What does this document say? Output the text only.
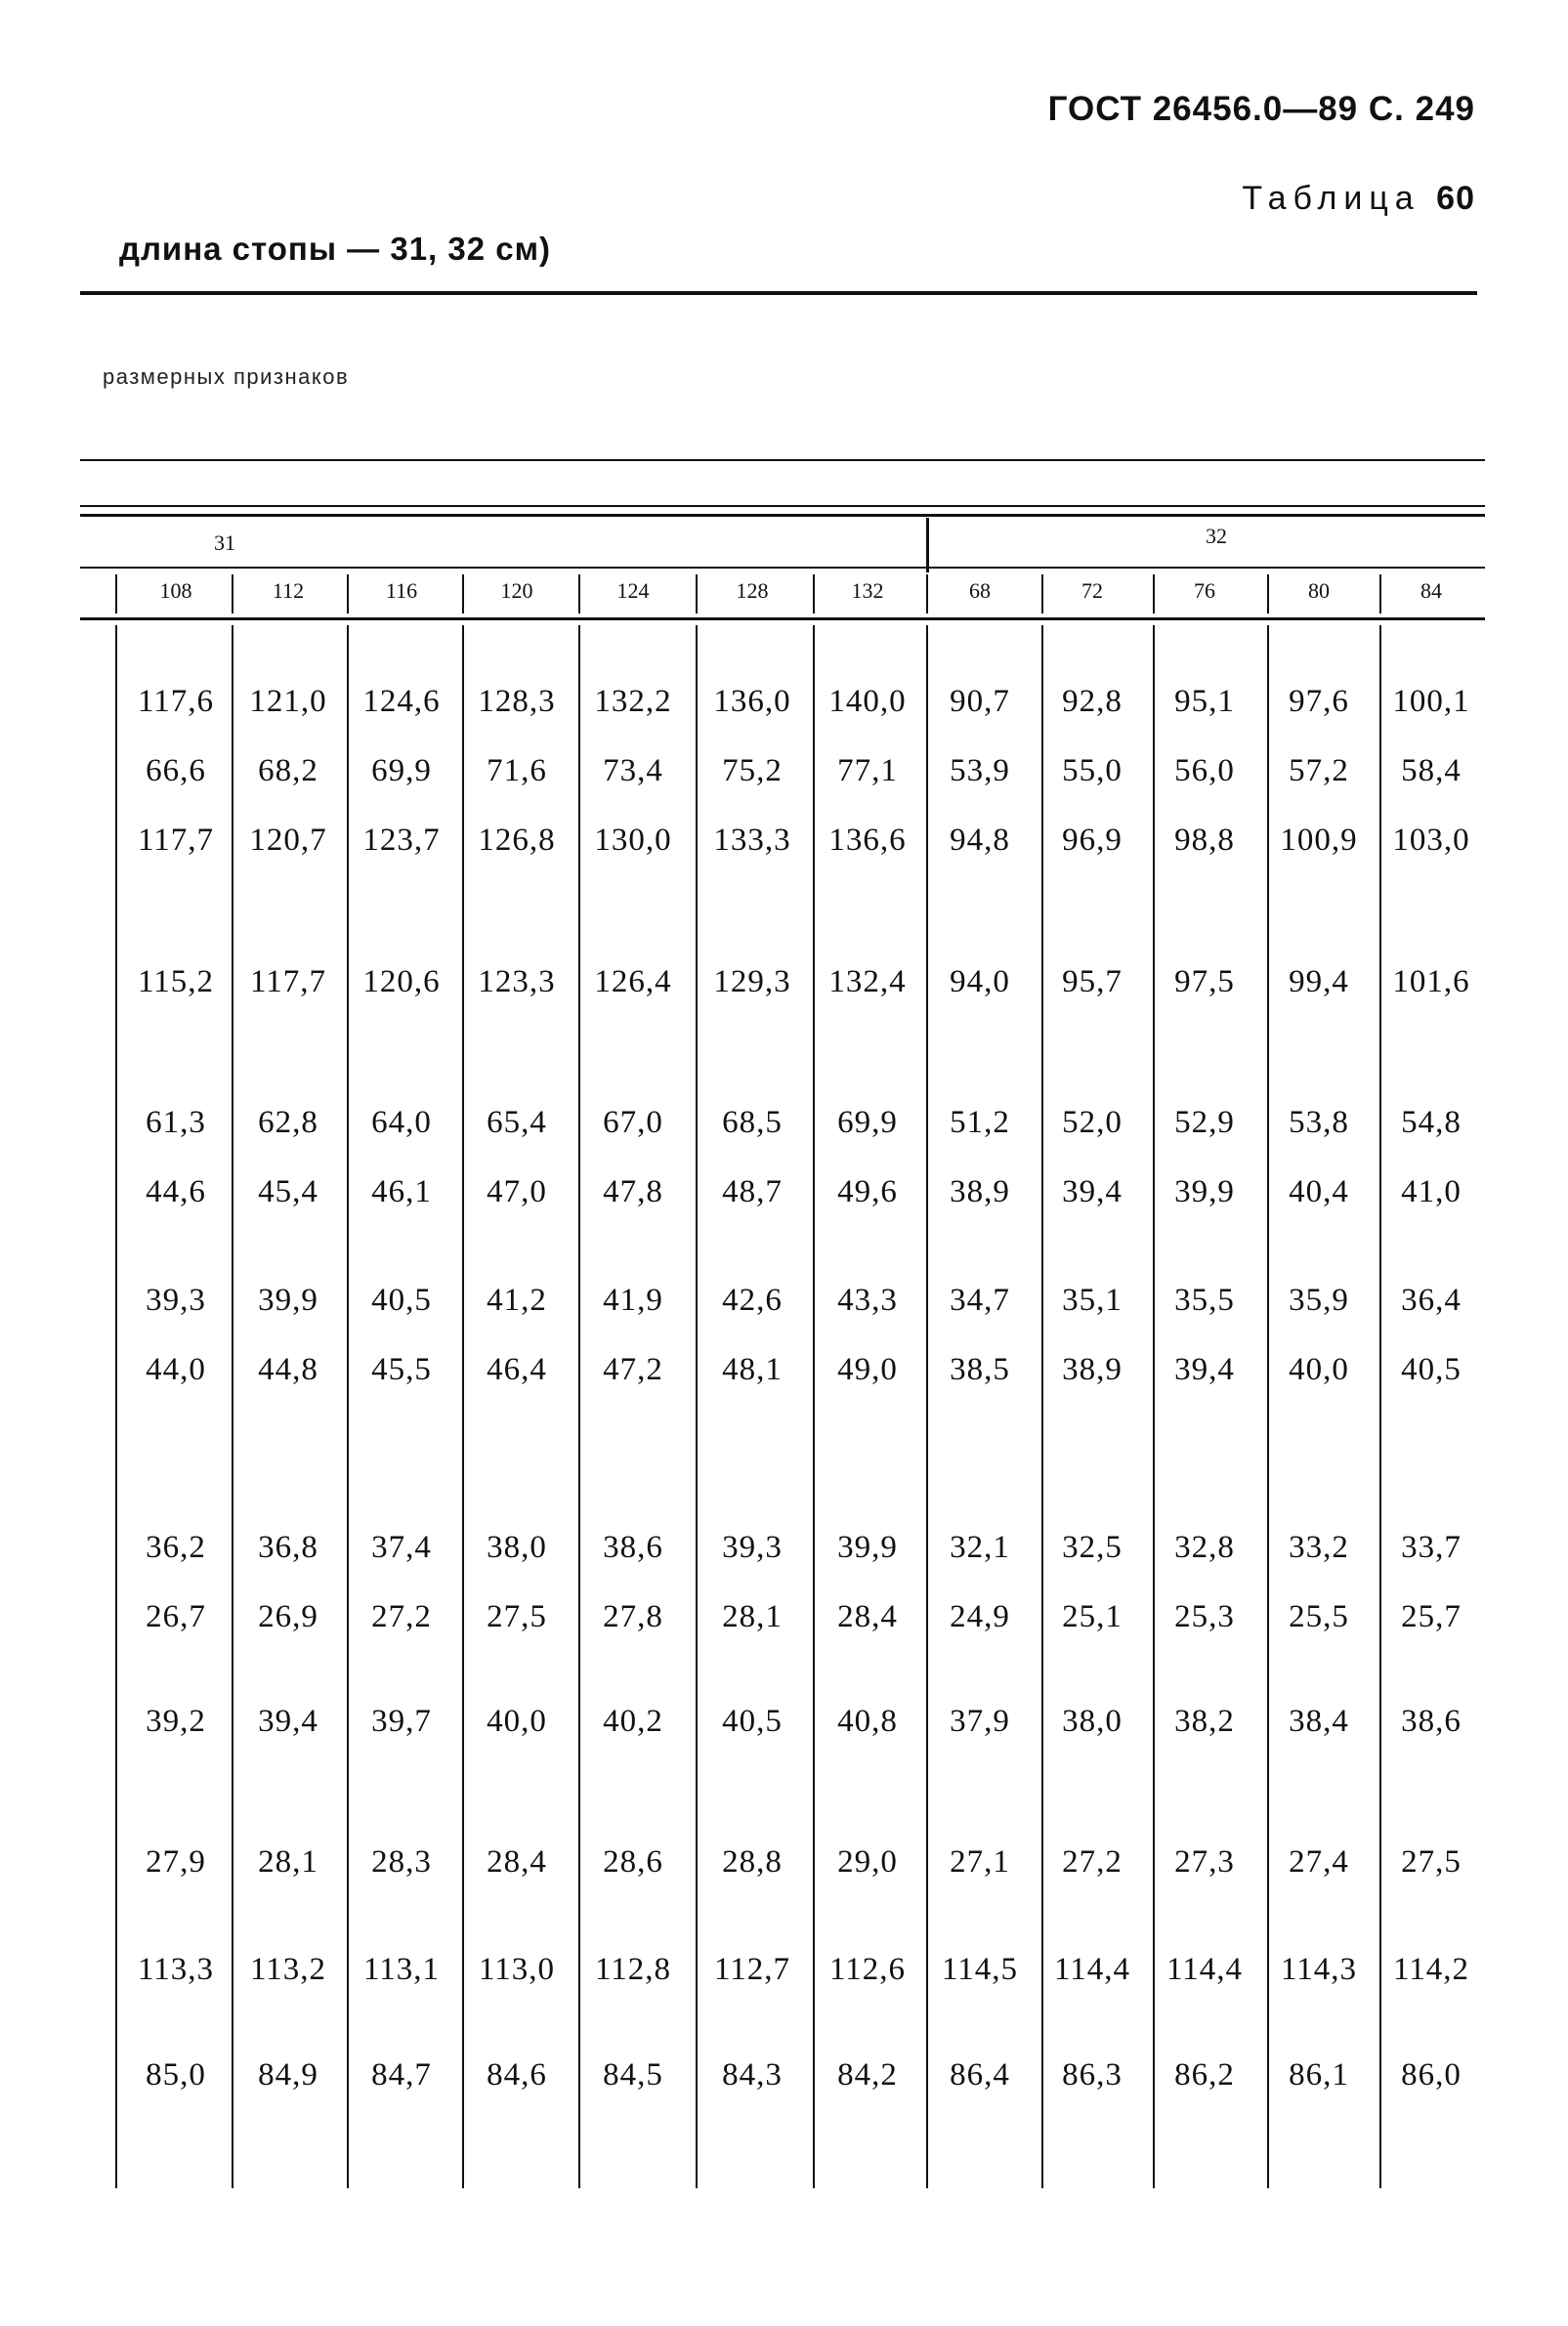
ГОСТ 26456.0—89 С. 249
Таблица 60
длина стопы — 31, 32 см)
размерных признаков
31	32
108	112	116	120	124	128	132	68	72	76	80	84
117,6	121,0	124,6	128,3	132,2	136,0	140,0	90,7	92,8	95,1	97,6	100,1
66,6	68,2	69,9	71,6	73,4	75,2	77,1	53,9	55,0	56,0	57,2	58,4
117,7	120,7	123,7	126,8	130,0	133,3	136,6	94,8	96,9	98,8	100,9	103,0
115,2	117,7	120,6	123,3	126,4	129,3	132,4	94,0	95,7	97,5	99,4	101,6
61,3	62,8	64,0	65,4	67,0	68,5	69,9	51,2	52,0	52,9	53,8	54,8
44,6	45,4	46,1	47,0	47,8	48,7	49,6	38,9	39,4	39,9	40,4	41,0
39,3	39,9	40,5	41,2	41,9	42,6	43,3	34,7	35,1	35,5	35,9	36,4
44,0	44,8	45,5	46,4	47,2	48,1	49,0	38,5	38,9	39,4	40,0	40,5
36,2	36,8	37,4	38,0	38,6	39,3	39,9	32,1	32,5	32,8	33,2	33,7
26,7	26,9	27,2	27,5	27,8	28,1	28,4	24,9	25,1	25,3	25,5	25,7
39,2	39,4	39,7	40,0	40,2	40,5	40,8	37,9	38,0	38,2	38,4	38,6
27,9	28,1	28,3	28,4	28,6	28,8	29,0	27,1	27,2	27,3	27,4	27,5
113,3	113,2	113,1	113,0	112,8	112,7	112,6	114,5	114,4	114,4	114,3	114,2
85,0	84,9	84,7	84,6	84,5	84,3	84,2	86,4	86,3	86,2	86,1	86,0
